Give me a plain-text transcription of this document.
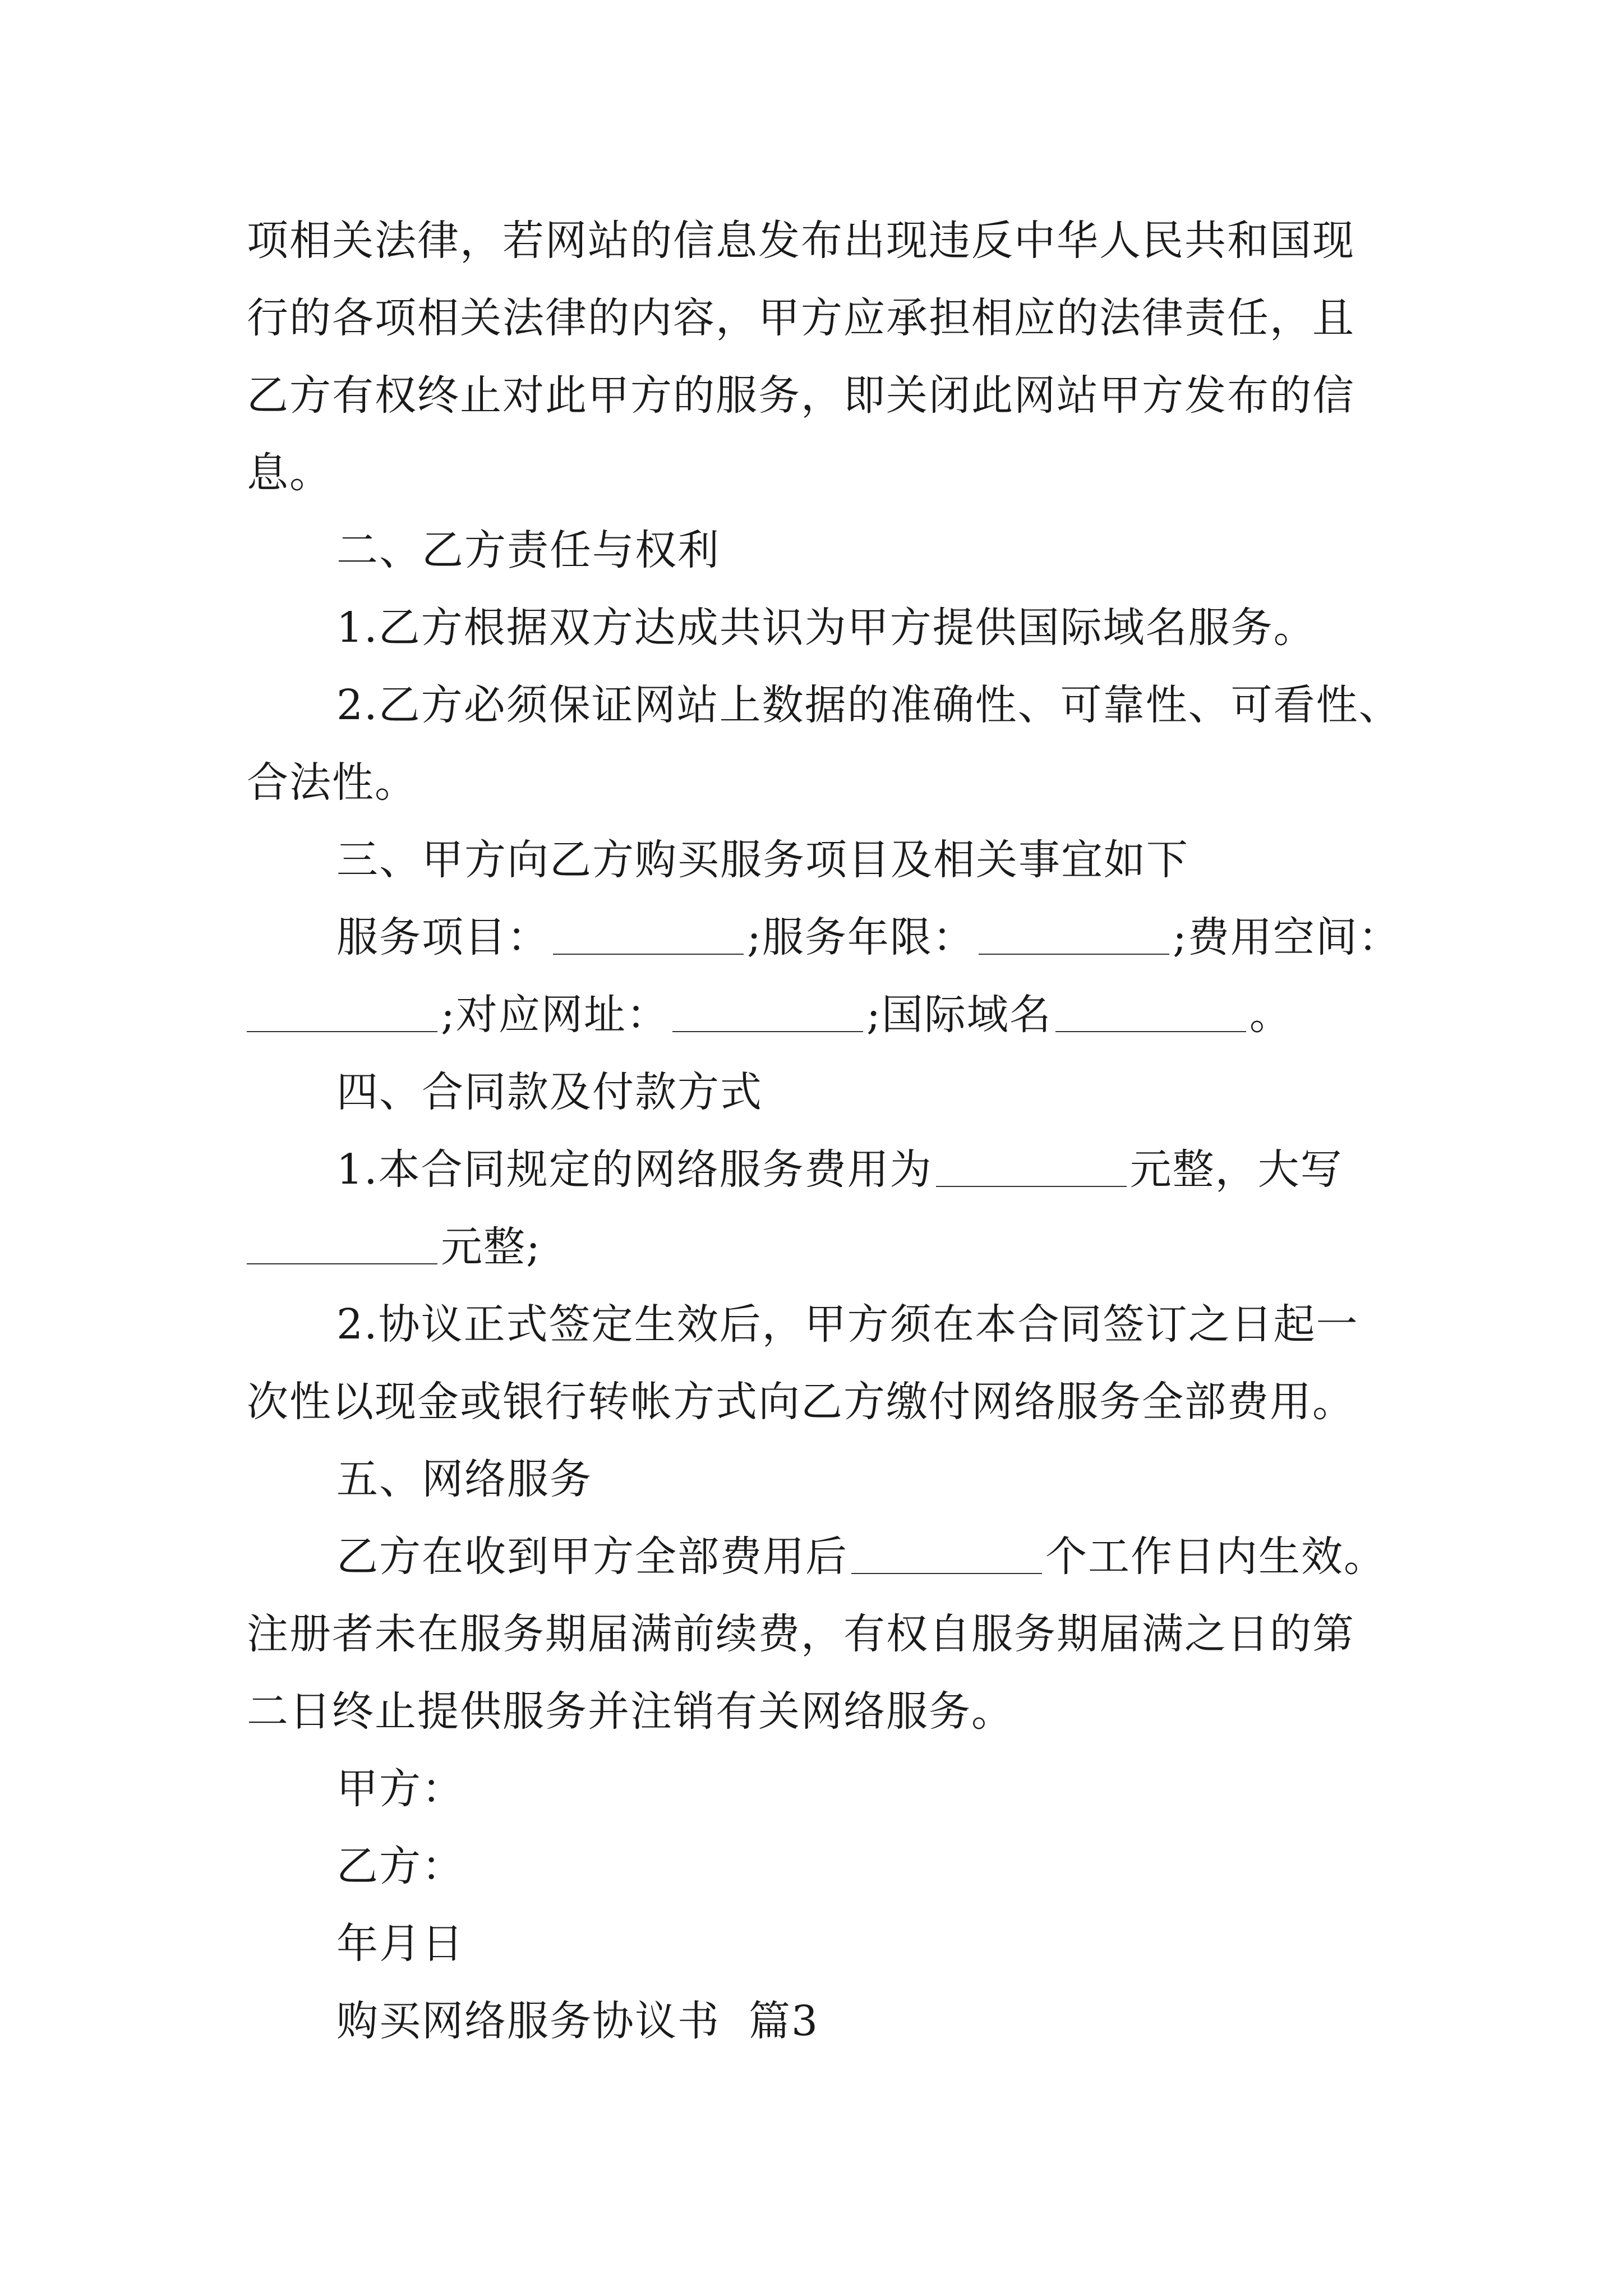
项相关法律，若网站的信息发布出现违反中华人民共和国现
行的各项相关法律的内容，甲方应承担相应的法律责任，且
乙方有权终止对此甲方的服务，即关闭此网站甲方发布的信
息。
二、乙方责任与权利
1.乙方根据双方达成共识为甲方提供国际域名服务。
2.乙方必须保证网站上数据的准确性、可靠性、可看性、
合法性。
三、甲方向乙方购买服务项目及相关事宜如下
服务项目：	;服务年限：	;费用空间：
;对应网址：	;国际域名	。
四、合同款及付款方式
1.本合同规定的网络服务费用为	元整，大写
元整;
2.协议正式签定生效后，甲方须在本合同签订之日起一
次性以现金或银行转帐方式向乙方缴付网络服务全部费用。
五、网络服务
乙方在收到甲方全部费用后	个工作日内生效。
注册者未在服务期届满前续费，有权自服务期届满之日的第
二日终止提供服务并注销有关网络服务。
甲方：
乙方：
年月日
购买网络服务协议书  篇3
